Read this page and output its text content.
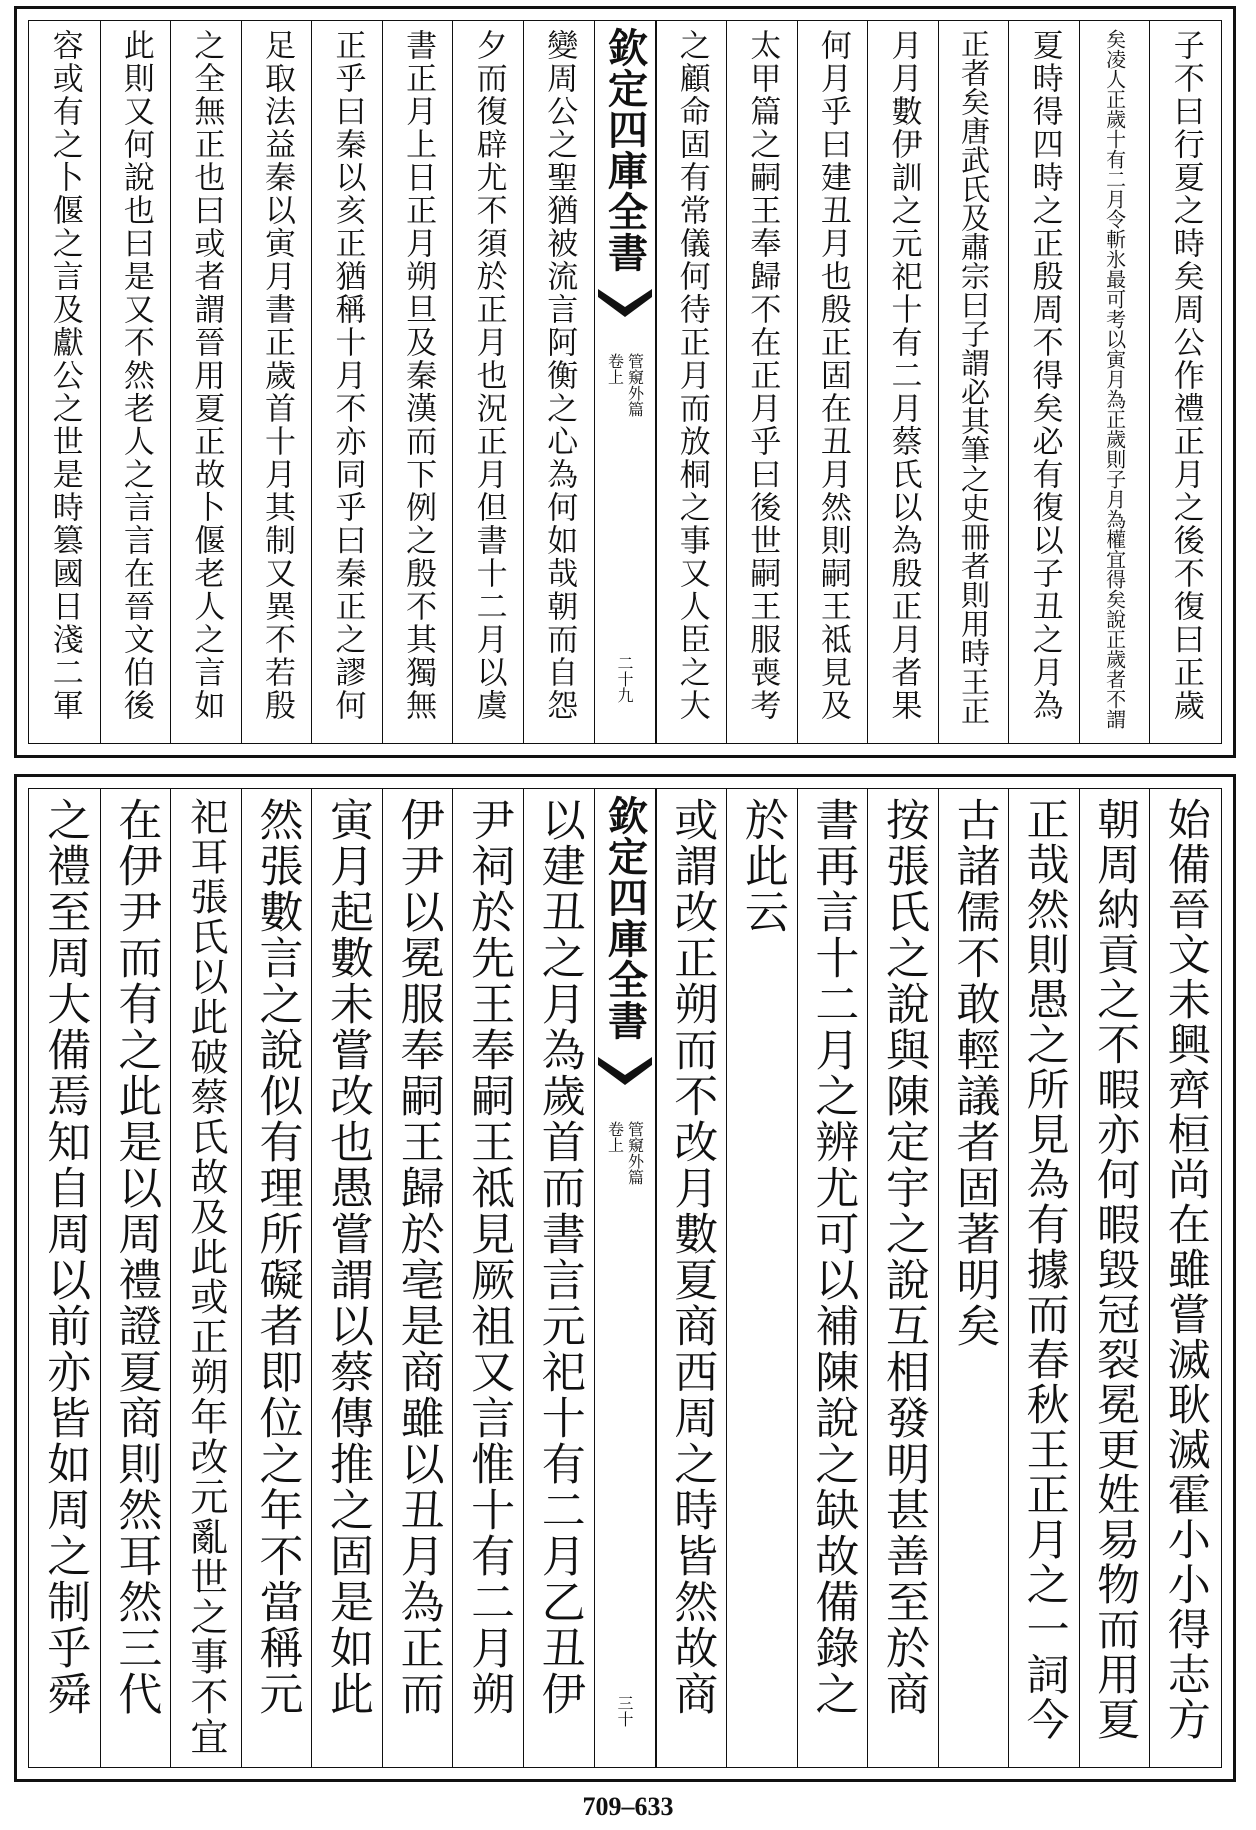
子不曰行夏之時矣周公作禮正月之後不復曰正歲
矣凌人正歲十有二月令斬氷最可考以寅月為正歲則子月為權宜得矣說正歲者不謂
夏時得四時之正殷周不得矣必有復以子丑之月為
正者矣唐武氏及肅宗曰子謂必其筆之史冊者則用時王正
月月數伊訓之元祀十有二月蔡氏以為殷正月者果
何月乎曰建丑月也殷正固在丑月然則嗣王祗見及
太甲篇之嗣王奉歸不在正月乎曰後世嗣王服喪考
之顧命固有常儀何待正月而放桐之事又人臣之大
欽定四庫全書
管窺外篇
卷上
二十九
變周公之聖猶被流言阿衡之心為何如哉朝而自怨
夕而復辟尤不須於正月也況正月但書十二月以虞
書正月上日正月朔旦及秦漢而下例之殷不其獨無
正乎曰秦以亥正猶稱十月不亦同乎曰秦正之謬何
足取法益秦以寅月書正歲首十月其制又異不若殷
之全無正也曰或者謂晉用夏正故卜偃老人之言如
此則又何說也曰是又不然老人之言言在晉文伯後
容或有之卜偃之言及獻公之世是時篡國日淺二軍
始備晉文未興齊桓尚在雖嘗滅耿滅霍小小得志方
朝周納貢之不暇亦何暇毀冠裂冕更姓易物而用夏
正哉然則愚之所見為有據而春秋王正月之一詞今
古諸儒不敢輕議者固著明矣
按張氏之說與陳定宇之說互相發明甚善至於商
書再言十二月之辨尤可以補陳說之缺故備錄之
於此云
或謂改正朔而不改月數夏商西周之時皆然故商
欽定四庫全書
管窺外篇
卷上
三十
以建丑之月為歲首而書言元祀十有二月乙丑伊
尹祠於先王奉嗣王祗見厥祖又言惟十有二月朔
伊尹以冕服奉嗣王歸於亳是商雖以丑月為正而
寅月起數未嘗改也愚嘗謂以蔡傳推之固是如此
然張數言之說似有理所礙者即位之年不當稱元
祀耳張氏以此破蔡氏故及此或正朔年改元亂世之事不宜
在伊尹而有之此是以周禮證夏商則然耳然三代
之禮至周大備焉知自周以前亦皆如周之制乎舜
709–633
